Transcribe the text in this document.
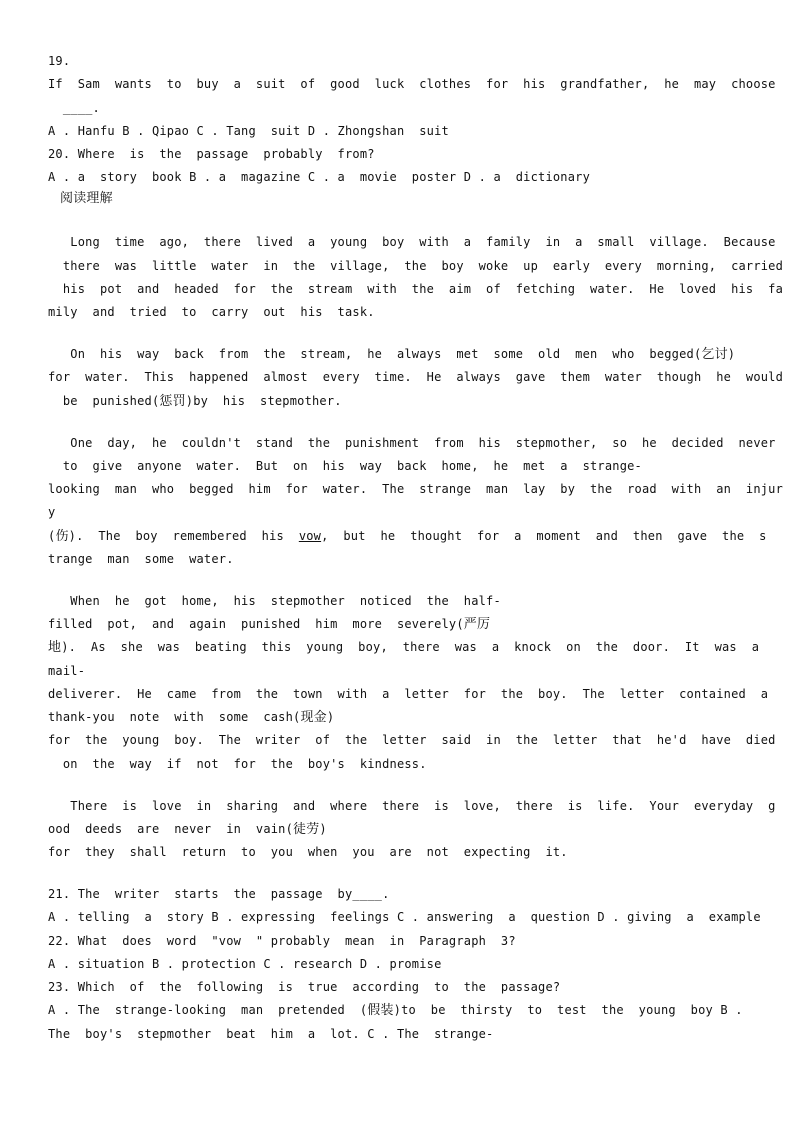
19.
If  Sam  wants  to  buy  a  suit  of  good  luck  clothes  for  his  grandfather,  he  may  choose
____.
A . Hanfu B . Qipao C . Tang  suit D . Zhongshan  suit
20. Where  is  the  passage  probably  from?
A . a  story  book B . a  magazine C . a  movie  poster D . a  dictionary
阅读理解
Long  time  ago,  there  lived  a  young  boy  with  a  family  in  a  small  village.  Because
there  was  little  water  in  the  village,  the  boy  woke  up  early  every  morning,  carried
his  pot  and  headed  for  the  stream  with  the  aim  of  fetching  water.  He  loved  his  fa
mily  and  tried  to  carry  out  his  task.
On  his  way  back  from  the  stream,  he  always  met  some  old  men  who  begged(乞讨)
for  water.  This  happened  almost  every  time.  He  always  gave  them  water  though  he  would
be  punished(惩罚)by  his  stepmother.
One  day,  he  couldn't  stand  the  punishment  from  his  stepmother,  so  he  decided  never
to  give  anyone  water.  But  on  his  way  back  home,  he  met  a  strange-
looking  man  who  begged  him  for  water.  The  strange  man  lay  by  the  road  with  an  injur
y
(伤).  The  boy  remembered  his  vow,  but  he  thought  for  a  moment  and  then  gave  the  s
trange  man  some  water.
When  he  got  home,  his  stepmother  noticed  the  half-
filled  pot,  and  again  punished  him  more  severely(严厉
地).  As  she  was  beating  this  young  boy,  there  was  a  knock  on  the  door.  It  was  a
mail-
deliverer.  He  came  from  the  town  with  a  letter  for  the  boy.  The  letter  contained  a
thank-you  note  with  some  cash(现金)
for  the  young  boy.  The  writer  of  the  letter  said  in  the  letter  that  he'd  have  died
on  the  way  if  not  for  the  boy's  kindness.
There  is  love  in  sharing  and  where  there  is  love,  there  is  life.  Your  everyday  g
ood  deeds  are  never  in  vain(徒劳)
for  they  shall  return  to  you  when  you  are  not  expecting  it.
21. The  writer  starts  the  passage  by____.
A . telling  a  story B . expressing  feelings C . answering  a  question D . giving  a  example
22. What  does  word  "vow  " probably  mean  in  Paragraph  3?
A . situation B . protection C . research D . promise
23. Which  of  the  following  is  true  according  to  the  passage?
A . The  strange-looking  man  pretended  (假装)to  be  thirsty  to  test  the  young  boy B .
The  boy's  stepmother  beat  him  a  lot. C . The  strange-
